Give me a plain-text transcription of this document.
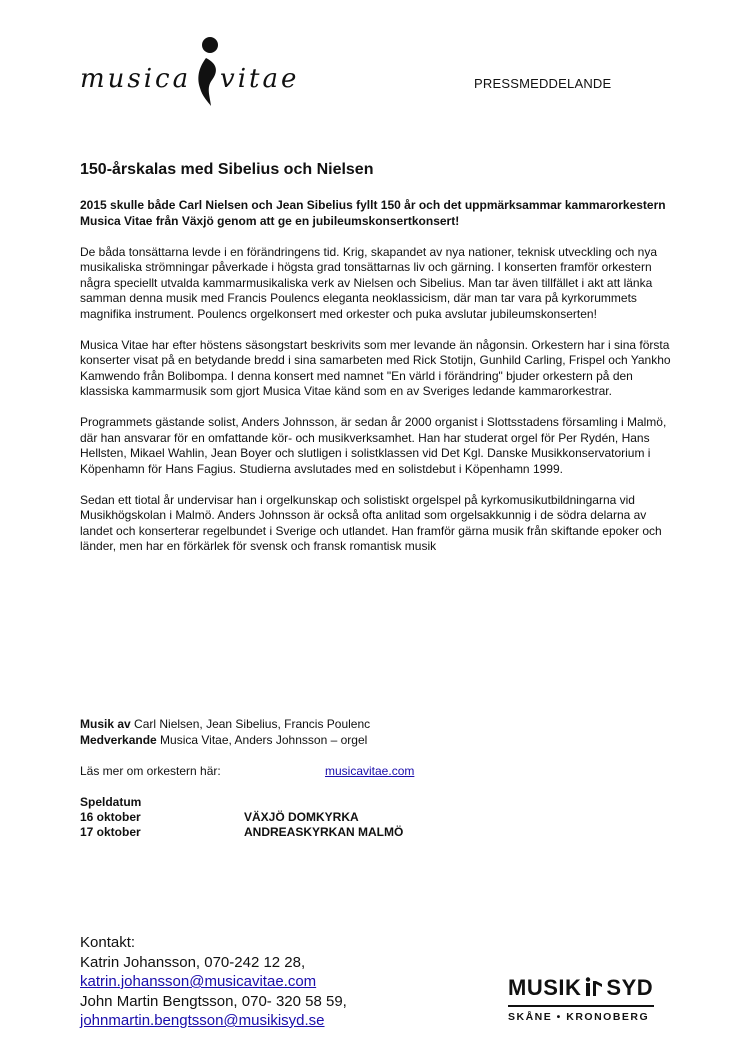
musica vitae	PRESSMEDDELANDE
150-årskalas med Sibelius och Nielsen

2015 skulle både Carl Nielsen och Jean Sibelius fyllt 150 år och det uppmärksammar kammarorkestern Musica Vitae från Växjö genom att ge en jubileumskonsertkonsert!

De båda tonsättarna levde i en förändringens tid. Krig, skapandet av nya nationer, teknisk utveckling och nya musikaliska strömningar påverkade i högsta grad tonsättarnas liv och gärning. I konserten framför orkestern några speciellt utvalda kammarmusikaliska verk av Nielsen och Sibelius. Man tar även tillfället i akt att länka samman denna musik med Francis Poulencs eleganta neoklassicism, där man tar vara på kyrkorummets magnifika instrument. Poulencs orgelkonsert med orkester och puka avslutar jubileumskonserten!

Musica Vitae har efter höstens säsongstart beskrivits som mer levande än någonsin. Orkestern har i sina första konserter visat på en betydande bredd i sina samarbeten med Rick Stotijn, Gunhild Carling, Frispel och Yankho Kamwendo från Bolibompa. I denna konsert med namnet "En värld i förändring" bjuder orkestern på den klassiska kammarmusik som gjort Musica Vitae känd som en av Sveriges ledande kammarorkestrar.

Programmets gästande solist, Anders Johnsson, är sedan år 2000 organist i Slottsstadens församling i Malmö, där han ansvarar för en omfattande kör- och musikverksamhet. Han har studerat orgel för Per Rydén, Hans Hellsten, Mikael Wahlin, Jean Boyer och slutligen i solistklassen vid Det Kgl. Danske Musikkonservatorium i Köpenhamn för Hans Fagius. Studierna avslutades med en solistdebut i Köpenhamn 1999.

Sedan ett tiotal år undervisar han i orgelkunskap och solistiskt orgelspel på kyrkomusikutbildningarna vid Musikhögskolan i Malmö. Anders Johnsson är också ofta anlitad som orgelsakkunnig i de södra delarna av landet och konserterar regelbundet i Sverige och utlandet. Han framför gärna musik från skiftande epoker och länder, men har en förkärlek för svensk och fransk romantisk musik

Musik av Carl Nielsen, Jean Sibelius, Francis Poulenc
Medverkande Musica Vitae, Anders Johnsson – orgel
Läs mer om orkestern här:	musicavitae.com
Speldatum
16 oktober	VÄXJÖ DOMKYRKA
17 oktober	ANDREASKYRKAN MALMÖ
Kontakt:
Katrin Johansson, 070-242 12 28,
katrin.johansson@musicavitae.com
John Martin Bengtsson, 070- 320 58 59,
johnmartin.bengtsson@musikisyd.se
MUSIK SYD
SKÅNE • KRONOBERG
